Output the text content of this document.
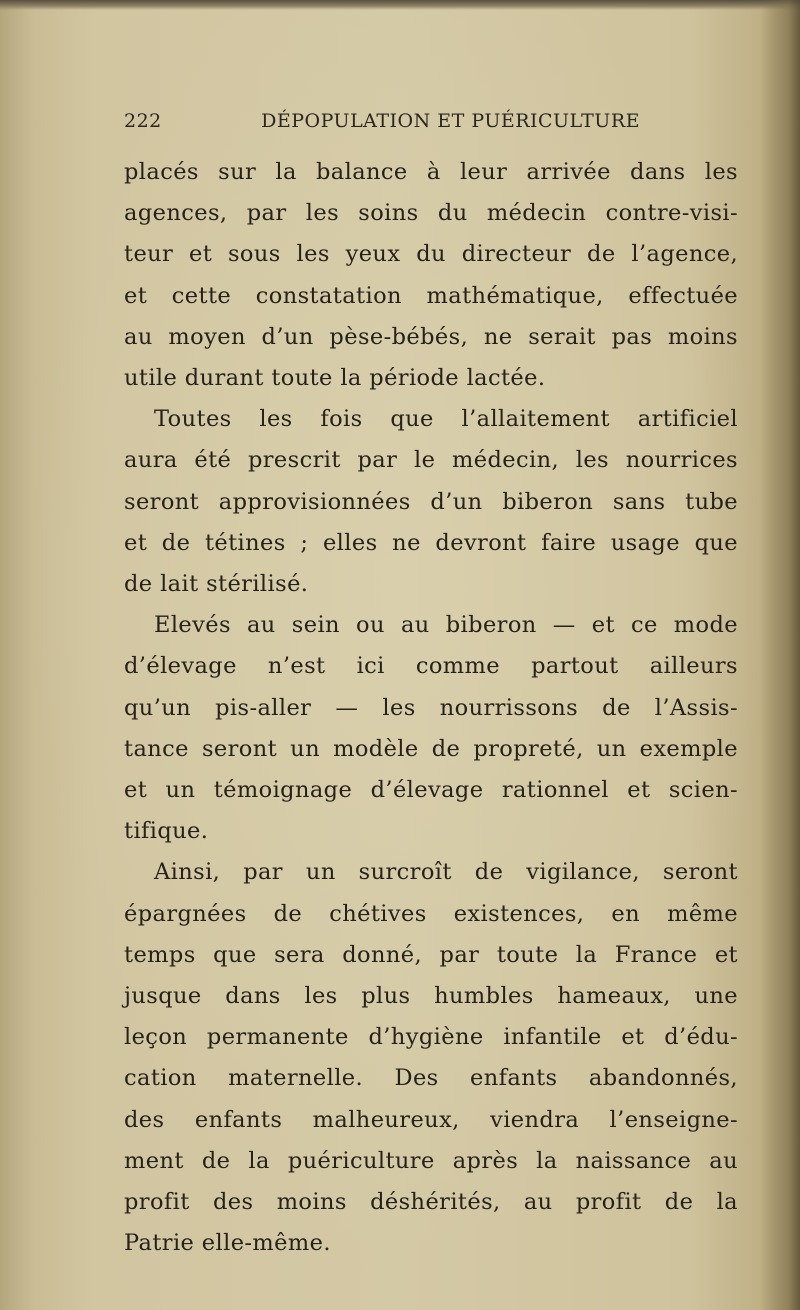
222	DÉPOPULATION ET PUÉRICULTURE
placés sur la balance à leur arrivée dans les
agences, par les soins du médecin contre-visi-
teur et sous les yeux du directeur de l’agence,
et cette constatation mathématique, effectuée
au moyen d’un pèse-bébés, ne serait pas moins
utile durant toute la période lactée.
Toutes les fois que l’allaitement artificiel
aura été prescrit par le médecin, les nourrices
seront approvisionnées d’un biberon sans tube
et de tétines ; elles ne devront faire usage que
de lait stérilisé.
Elevés au sein ou au biberon — et ce mode
d’élevage n’est ici comme partout ailleurs
qu’un pis-aller — les nourrissons de l’Assis-
tance seront un modèle de propreté, un exemple
et un témoignage d’élevage rationnel et scien-
tifique.
Ainsi, par un surcroît de vigilance, seront
épargnées de chétives existences, en même
temps que sera donné, par toute la France et
jusque dans les plus humbles hameaux, une
leçon permanente d’hygiène infantile et d’édu-
cation maternelle. Des enfants abandonnés,
des enfants malheureux, viendra l’enseigne-
ment de la puériculture après la naissance au
profit des moins déshérités, au profit de la
Patrie elle-même.
